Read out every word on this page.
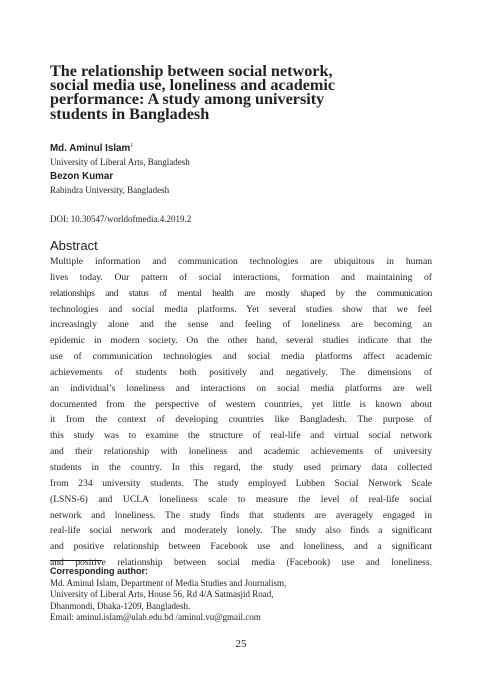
The relationship between social network,
social media use, loneliness and academic
performance: A study among university
students in Bangladesh
Md. Aminul Islam$^1$
University of Liberal Arts, Bangladesh
Bezon Kumar
Rabindra University, Bangladesh
DOI: 10.30547/worldofmedia.4.2019.2
Abstract
Multiple information and communication technologies are ubiquitous in human
lives today. Our pattern of social interactions, formation and maintaining of
relationships and status of mental health are mostly shaped by the communication
technologies and social media platforms. Yet several studies show that we feel
increasingly alone and the sense and feeling of loneliness are becoming an
epidemic in modern society. On the other hand, several studies indicate that the
use of communication technologies and social media platforms affect academic
achievements of students both positively and negatively. The dimensions of
an individual’s loneliness and interactions on social media platforms are well
documented from the perspective of western countries, yet little is known about
it from the context of developing countries like Bangladesh. The purpose of
this study was to examine the structure of real-life and virtual social network
and their relationship with loneliness and academic achievements of university
students in the country. In this regard, the study used primary data collected
from 234 university students. The study employed Lubben Social Network Scale
(LSNS-6) and UCLA loneliness scale to measure the level of real-life social
network and loneliness. The study finds that students are averagely engaged in
real-life social network and moderately lonely. The study also finds a significant
and positive relationship between Facebook use and loneliness, and a significant
and positive relationship between social media (Facebook) use and loneliness.
Corresponding author:
Md. Aminul Islam, Department of Media Studies and Journalism,
University of Liberal Arts, House 56, Rd 4/A Satmasjid Road,
Dhanmondi, Dhaka-1209, Bangladesh.
Email: aminul.islam@ulab.edu.bd /aminul.vu@gmail.com
25
